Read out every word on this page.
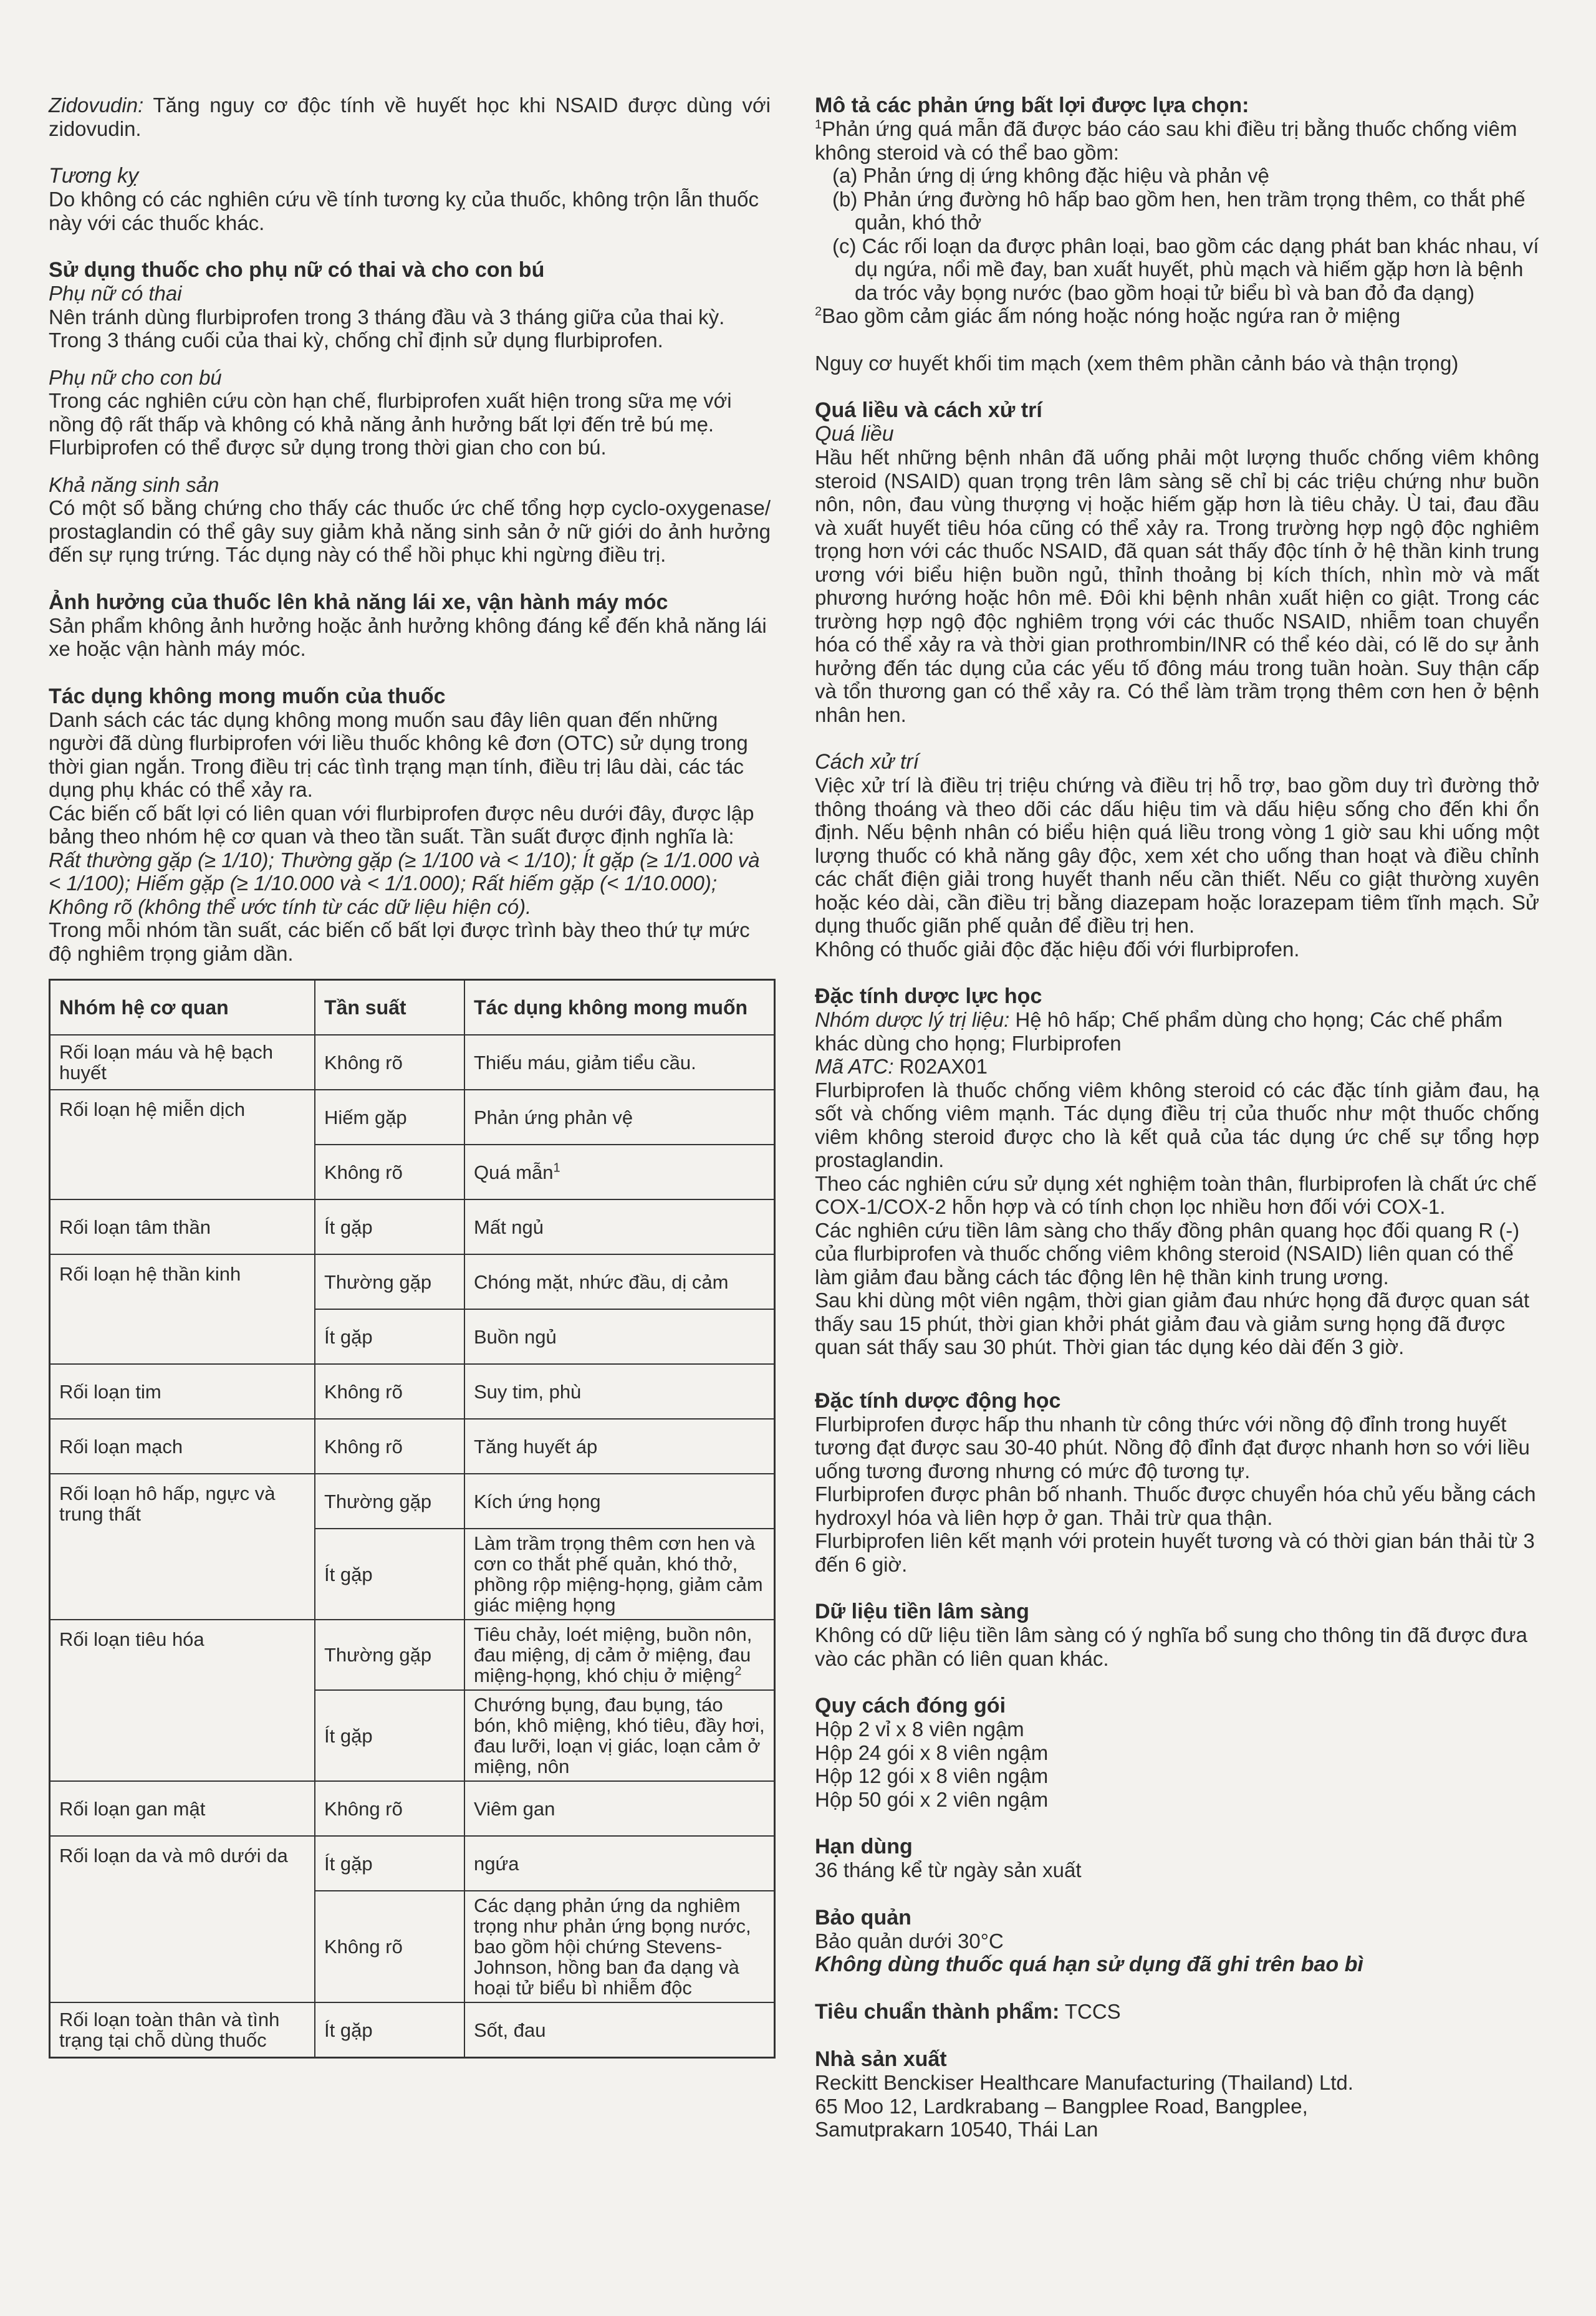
Zidovudin: Tăng nguy cơ độc tính về huyết học khi NSAID được dùng với zidovudin.

Tương kỵ

Do không có các nghiên cứu về tính tương kỵ của thuốc, không trộn lẫn thuốc này với các thuốc khác.

Sử dụng thuốc cho phụ nữ có thai và cho con bú

Phụ nữ có thai

Nên tránh dùng flurbiprofen trong 3 tháng đầu và 3 tháng giữa của thai kỳ. Trong 3 tháng cuối của thai kỳ, chống chỉ định sử dụng flurbiprofen.

Phụ nữ cho con bú

Trong các nghiên cứu còn hạn chế, flurbiprofen xuất hiện trong sữa mẹ với nồng độ rất thấp và không có khả năng ảnh hưởng bất lợi đến trẻ bú mẹ. Flurbiprofen có thể được sử dụng trong thời gian cho con bú.

Khả năng sinh sản

Có một số bằng chứng cho thấy các thuốc ức chế tổng hợp cyclo-oxygenase/ prostaglandin có thể gây suy giảm khả năng sinh sản ở nữ giới do ảnh hưởng đến sự rụng trứng. Tác dụng này có thể hồi phục khi ngừng điều trị.

Ảnh hưởng của thuốc lên khả năng lái xe, vận hành máy móc

Sản phẩm không ảnh hưởng hoặc ảnh hưởng không đáng kể đến khả năng lái xe hoặc vận hành máy móc.

Tác dụng không mong muốn của thuốc

Danh sách các tác dụng không mong muốn sau đây liên quan đến những người đã dùng flurbiprofen với liều thuốc không kê đơn (OTC) sử dụng trong thời gian ngắn. Trong điều trị các tình trạng mạn tính, điều trị lâu dài, các tác dụng phụ khác có thể xảy ra.

Các biến cố bất lợi có liên quan với flurbiprofen được nêu dưới đây, được lập bảng theo nhóm hệ cơ quan và theo tần suất. Tần suất được định nghĩa là: Rất thường gặp (≥ 1/10); Thường gặp (≥ 1/100 và < 1/10); Ít gặp (≥ 1/1.000 và < 1/100); Hiếm gặp (≥ 1/10.000 và < 1/1.000); Rất hiếm gặp (< 1/10.000); Không rõ (không thể ước tính từ các dữ liệu hiện có).

Trong mỗi nhóm tần suất, các biến cố bất lợi được trình bày theo thứ tự mức độ nghiêm trọng giảm dần.

Nhóm hệ cơ quan	Tần suất	Tác dụng không mong muốn
Rối loạn máu và hệ bạch huyết	Không rõ	Thiếu máu, giảm tiểu cầu.
Rối loạn hệ miễn dịch	Hiếm gặp	Phản ứng phản vệ
	Không rõ	Quá mẫn$^1$
Rối loạn tâm thần	Ít gặp	Mất ngủ
Rối loạn hệ thần kinh	Thường gặp	Chóng mặt, nhức đầu, dị cảm
	Ít gặp	Buồn ngủ
Rối loạn tim	Không rõ	Suy tim, phù
Rối loạn mạch	Không rõ	Tăng huyết áp
Rối loạn hô hấp, ngực và trung thất	Thường gặp	Kích ứng họng
	Ít gặp	Làm trầm trọng thêm cơn hen và cơn co thắt phế quản, khó thở, phồng rộp miệng-họng, giảm cảm giác miệng họng
Rối loạn tiêu hóa	Thường gặp	Tiêu chảy, loét miệng, buồn nôn, đau miệng, dị cảm ở miệng, đau miệng-họng, khó chịu ở miệng$^2$
	Ít gặp	Chướng bụng, đau bụng, táo bón, khô miệng, khó tiêu, đầy hơi, đau lưỡi, loạn vị giác, loạn cảm ở miệng, nôn
Rối loạn gan mật	Không rõ	Viêm gan
Rối loạn da và mô dưới da	Ít gặp	ngứa
	Không rõ	Các dạng phản ứng da nghiêm trọng như phản ứng bọng nước, bao gồm hội chứng Stevens-Johnson, hồng ban đa dạng và hoại tử biểu bì nhiễm độc
Rối loạn toàn thân và tình trạng tại chỗ dùng thuốc	Ít gặp	Sốt, đau

Mô tả các phản ứng bất lợi được lựa chọn:

$^1$Phản ứng quá mẫn đã được báo cáo sau khi điều trị bằng thuốc chống viêm không steroid và có thể bao gồm:

(a) Phản ứng dị ứng không đặc hiệu và phản vệ

(b) Phản ứng đường hô hấp bao gồm hen, hen trầm trọng thêm, co thắt phế quản, khó thở

(c) Các rối loạn da được phân loại, bao gồm các dạng phát ban khác nhau, ví dụ ngứa, nổi mề đay, ban xuất huyết, phù mạch và hiếm gặp hơn là bệnh da tróc vảy bọng nước (bao gồm hoại tử biểu bì và ban đỏ đa dạng)

$^2$Bao gồm cảm giác ấm nóng hoặc nóng hoặc ngứa ran ở miệng

Nguy cơ huyết khối tim mạch (xem thêm phần cảnh báo và thận trọng)

Quá liều và cách xử trí

Quá liều

Hầu hết những bệnh nhân đã uống phải một lượng thuốc chống viêm không steroid (NSAID) quan trọng trên lâm sàng sẽ chỉ bị các triệu chứng như buồn nôn, nôn, đau vùng thượng vị hoặc hiếm gặp hơn là tiêu chảy. Ù tai, đau đầu và xuất huyết tiêu hóa cũng có thể xảy ra. Trong trường hợp ngộ độc nghiêm trọng hơn với các thuốc NSAID, đã quan sát thấy độc tính ở hệ thần kinh trung ương với biểu hiện buồn ngủ, thỉnh thoảng bị kích thích, nhìn mờ và mất phương hướng hoặc hôn mê. Đôi khi bệnh nhân xuất hiện co giật. Trong các trường hợp ngộ độc nghiêm trọng với các thuốc NSAID, nhiễm toan chuyển hóa có thể xảy ra và thời gian prothrombin/INR có thể kéo dài, có lẽ do sự ảnh hưởng đến tác dụng của các yếu tố đông máu trong tuần hoàn. Suy thận cấp và tổn thương gan có thể xảy ra. Có thể làm trầm trọng thêm cơn hen ở bệnh nhân hen.

Cách xử trí

Việc xử trí là điều trị triệu chứng và điều trị hỗ trợ, bao gồm duy trì đường thở thông thoáng và theo dõi các dấu hiệu tim và dấu hiệu sống cho đến khi ổn định. Nếu bệnh nhân có biểu hiện quá liều trong vòng 1 giờ sau khi uống một lượng thuốc có khả năng gây độc, xem xét cho uống than hoạt và điều chỉnh các chất điện giải trong huyết thanh nếu cần thiết. Nếu co giật thường xuyên hoặc kéo dài, cần điều trị bằng diazepam hoặc lorazepam tiêm tĩnh mạch. Sử dụng thuốc giãn phế quản để điều trị hen.

Không có thuốc giải độc đặc hiệu đối với flurbiprofen.

Đặc tính dược lực học

Nhóm dược lý trị liệu: Hệ hô hấp; Chế phẩm dùng cho họng; Các chế phẩm khác dùng cho họng; Flurbiprofen

Mã ATC: R02AX01

Flurbiprofen là thuốc chống viêm không steroid có các đặc tính giảm đau, hạ sốt và chống viêm mạnh. Tác dụng điều trị của thuốc như một thuốc chống viêm không steroid được cho là kết quả của tác dụng ức chế sự tổng hợp prostaglandin.

Theo các nghiên cứu sử dụng xét nghiệm toàn thân, flurbiprofen là chất ức chế COX-1/COX-2 hỗn hợp và có tính chọn lọc nhiều hơn đối với COX-1.

Các nghiên cứu tiền lâm sàng cho thấy đồng phân quang học đối quang R (-) của flurbiprofen và thuốc chống viêm không steroid (NSAID) liên quan có thể làm giảm đau bằng cách tác động lên hệ thần kinh trung ương.

Sau khi dùng một viên ngậm, thời gian giảm đau nhức họng đã được quan sát thấy sau 15 phút, thời gian khởi phát giảm đau và giảm sưng họng đã được quan sát thấy sau 30 phút. Thời gian tác dụng kéo dài đến 3 giờ.

Đặc tính dược động học

Flurbiprofen được hấp thu nhanh từ công thức với nồng độ đỉnh trong huyết tương đạt được sau 30-40 phút. Nồng độ đỉnh đạt được nhanh hơn so với liều uống tương đương nhưng có mức độ tương tự.

Flurbiprofen được phân bố nhanh. Thuốc được chuyển hóa chủ yếu bằng cách hydroxyl hóa và liên hợp ở gan. Thải trừ qua thận.

Flurbiprofen liên kết mạnh với protein huyết tương và có thời gian bán thải từ 3 đến 6 giờ.

Dữ liệu tiền lâm sàng

Không có dữ liệu tiền lâm sàng có ý nghĩa bổ sung cho thông tin đã được đưa vào các phần có liên quan khác.

Quy cách đóng gói

Hộp 2 vỉ x 8 viên ngậm

Hộp 24 gói x 8 viên ngậm

Hộp 12 gói x 8 viên ngậm

Hộp 50 gói x 2 viên ngậm

Hạn dùng

36 tháng kể từ ngày sản xuất

Bảo quản

Bảo quản dưới 30°C

Không dùng thuốc quá hạn sử dụng đã ghi trên bao bì

Tiêu chuẩn thành phẩm: TCCS

Nhà sản xuất

Reckitt Benckiser Healthcare Manufacturing (Thailand) Ltd.

65 Moo 12, Lardkrabang – Bangplee Road, Bangplee,

Samutprakarn 10540, Thái Lan
